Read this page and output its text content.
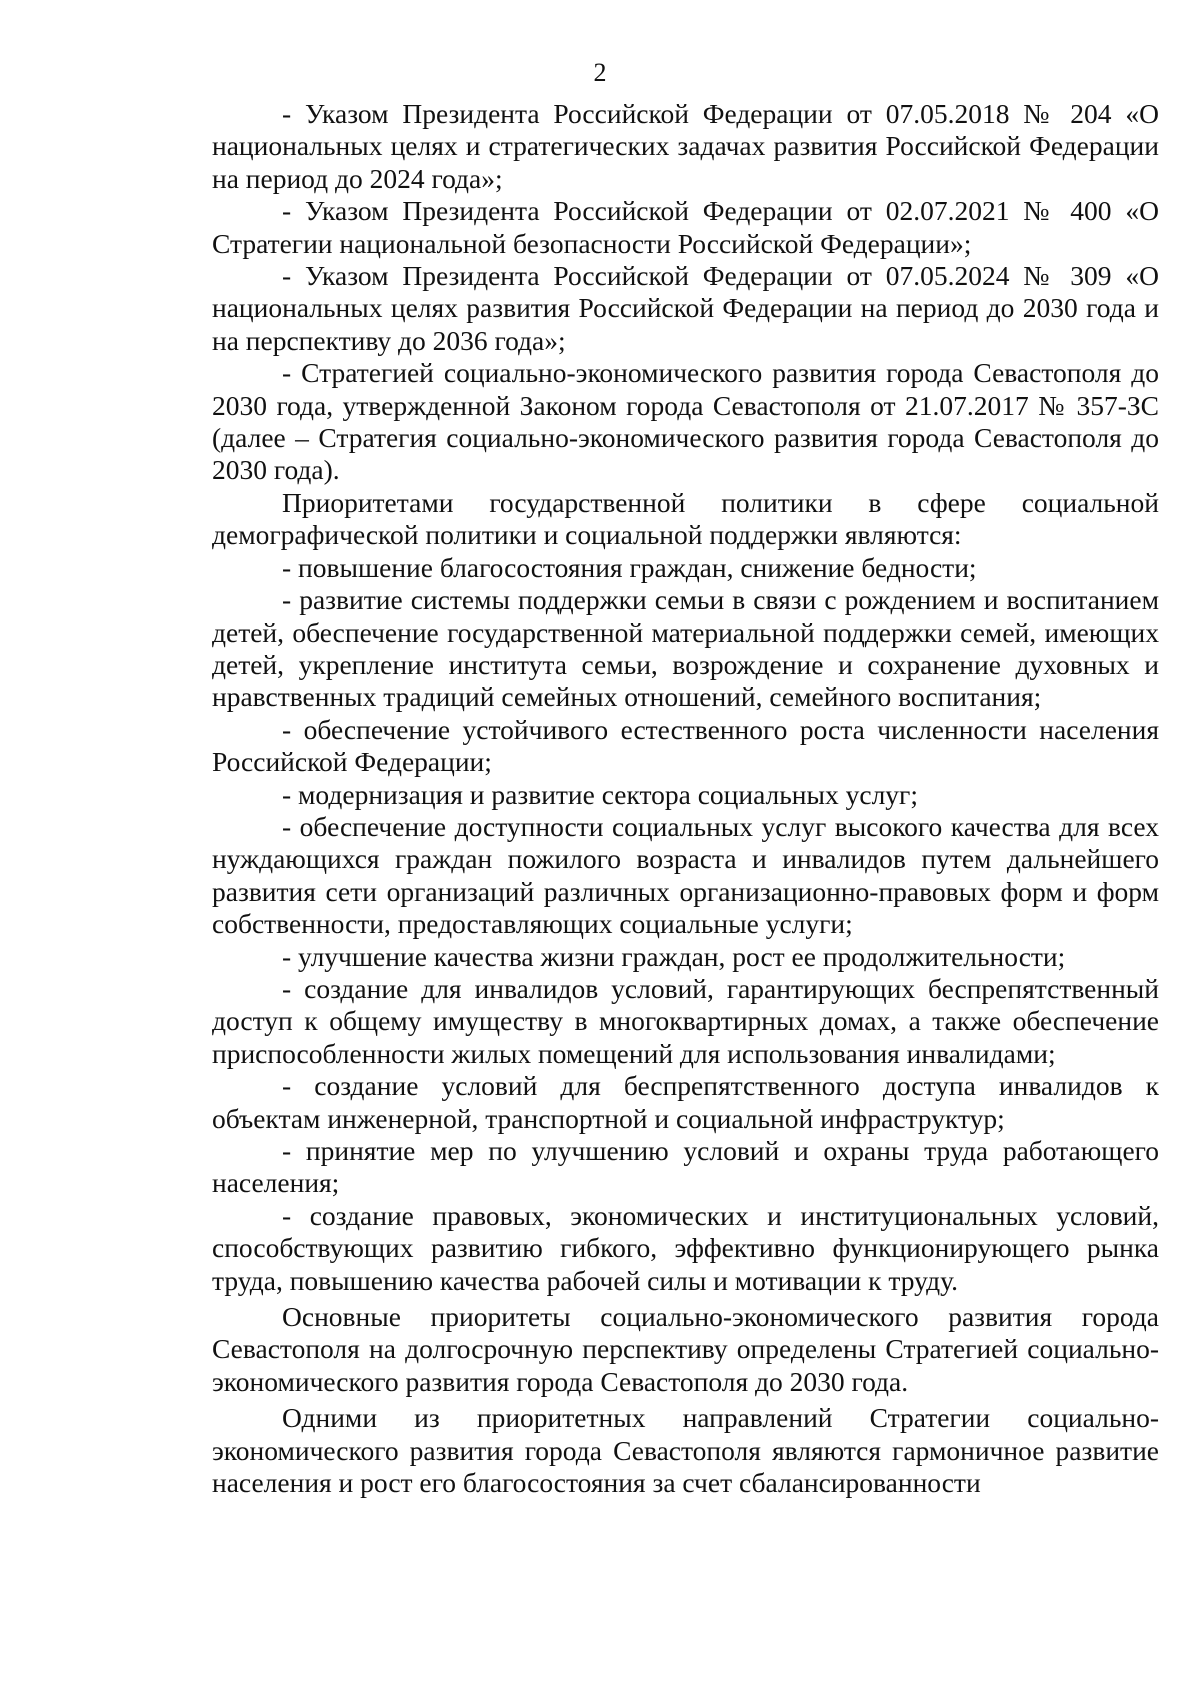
2

- Указом Президента Российской Федерации от 07.05.2018 № 204 «О национальных целях и стратегических задачах развития Российской Федерации на период до 2024 года»;

- Указом Президента Российской Федерации от 02.07.2021 № 400 «О Стратегии национальной безопасности Российской Федерации»;

- Указом Президента Российской Федерации от 07.05.2024 № 309 «О национальных целях развития Российской Федерации на период до 2030 года и на перспективу до 2036 года»;

- Стратегией социально-экономического развития города Севастополя до 2030 года, утвержденной Законом города Севастополя от 21.07.2017 № 357-ЗС (далее – Стратегия социально-экономического развития города Севастополя до 2030 года).

Приоритетами государственной политики в сфере социальной демографической политики и социальной поддержки являются:

- повышение благосостояния граждан, снижение бедности;

- развитие системы поддержки семьи в связи с рождением и воспитанием детей, обеспечение государственной материальной поддержки семей, имеющих детей, укрепление института семьи, возрождение и сохранение духовных и нравственных традиций семейных отношений, семейного воспитания;

- обеспечение устойчивого естественного роста численности населения Российской Федерации;

- модернизация и развитие сектора социальных услуг;

- обеспечение доступности социальных услуг высокого качества для всех нуждающихся граждан пожилого возраста и инвалидов путем дальнейшего развития сети организаций различных организационно-правовых форм и форм собственности, предоставляющих социальные услуги;

- улучшение качества жизни граждан, рост ее продолжительности;

- создание для инвалидов условий, гарантирующих беспрепятственный доступ к общему имуществу в многоквартирных домах, а также обеспечение приспособленности жилых помещений для использования инвалидами;

- создание условий для беспрепятственного доступа инвалидов к объектам инженерной, транспортной и социальной инфраструктур;

- принятие мер по улучшению условий и охраны труда работающего населения;

- создание правовых, экономических и институциональных условий, способствующих развитию гибкого, эффективно функционирующего рынка труда, повышению качества рабочей силы и мотивации к труду.

Основные приоритеты социально-экономического развития города Севастополя на долгосрочную перспективу определены Стратегией социально-экономического развития города Севастополя до 2030 года.

Одними из приоритетных направлений Стратегии социально-экономического развития города Севастополя являются гармоничное развитие населения и рост его благосостояния за счет сбалансированности
